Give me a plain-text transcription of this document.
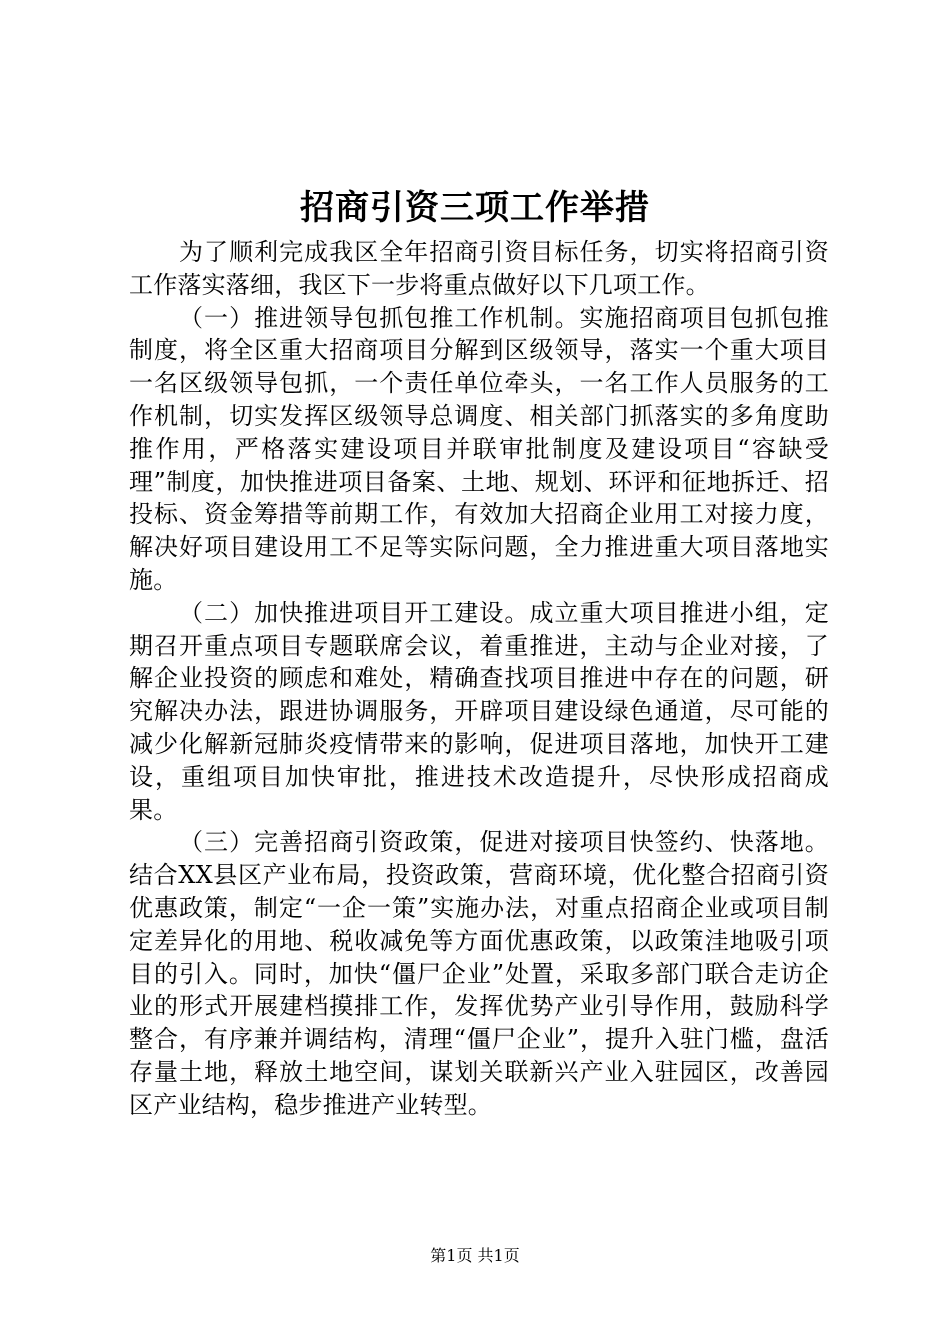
招商引资三项工作举措

为了顺利完成我区全年招商引资目标任务，切实将招商引资工作落实落细，我区下一步将重点做好以下几项工作。

（一）推进领导包抓包推工作机制。实施招商项目包抓包推制度，将全区重大招商项目分解到区级领导，落实一个重大项目一名区级领导包抓，一个责任单位牵头，一名工作人员服务的工作机制，切实发挥区级领导总调度、相关部门抓落实的多角度助推作用，严格落实建设项目并联审批制度及建设项目“容缺受理”制度，加快推进项目备案、土地、规划、环评和征地拆迁、招投标、资金筹措等前期工作，有效加大招商企业用工对接力度，解决好项目建设用工不足等实际问题，全力推进重大项目落地实施。

（二）加快推进项目开工建设。成立重大项目推进小组，定期召开重点项目专题联席会议，着重推进，主动与企业对接，了解企业投资的顾虑和难处，精确查找项目推进中存在的问题，研究解决办法，跟进协调服务，开辟项目建设绿色通道，尽可能的减少化解新冠肺炎疫情带来的影响，促进项目落地，加快开工建设，重组项目加快审批，推进技术改造提升，尽快形成招商成果。

（三）完善招商引资政策，促进对接项目快签约、快落地。结合XX县区产业布局，投资政策，营商环境，优化整合招商引资优惠政策，制定“一企一策”实施办法，对重点招商企业或项目制定差异化的用地、税收减免等方面优惠政策，以政策洼地吸引项目的引入。同时，加快“僵尸企业”处置，采取多部门联合走访企业的形式开展建档摸排工作，发挥优势产业引导作用，鼓励科学整合，有序兼并调结构，清理“僵尸企业”，提升入驻门槛，盘活存量土地，释放土地空间，谋划关联新兴产业入驻园区，改善园区产业结构，稳步推进产业转型。

第1页 共1页
